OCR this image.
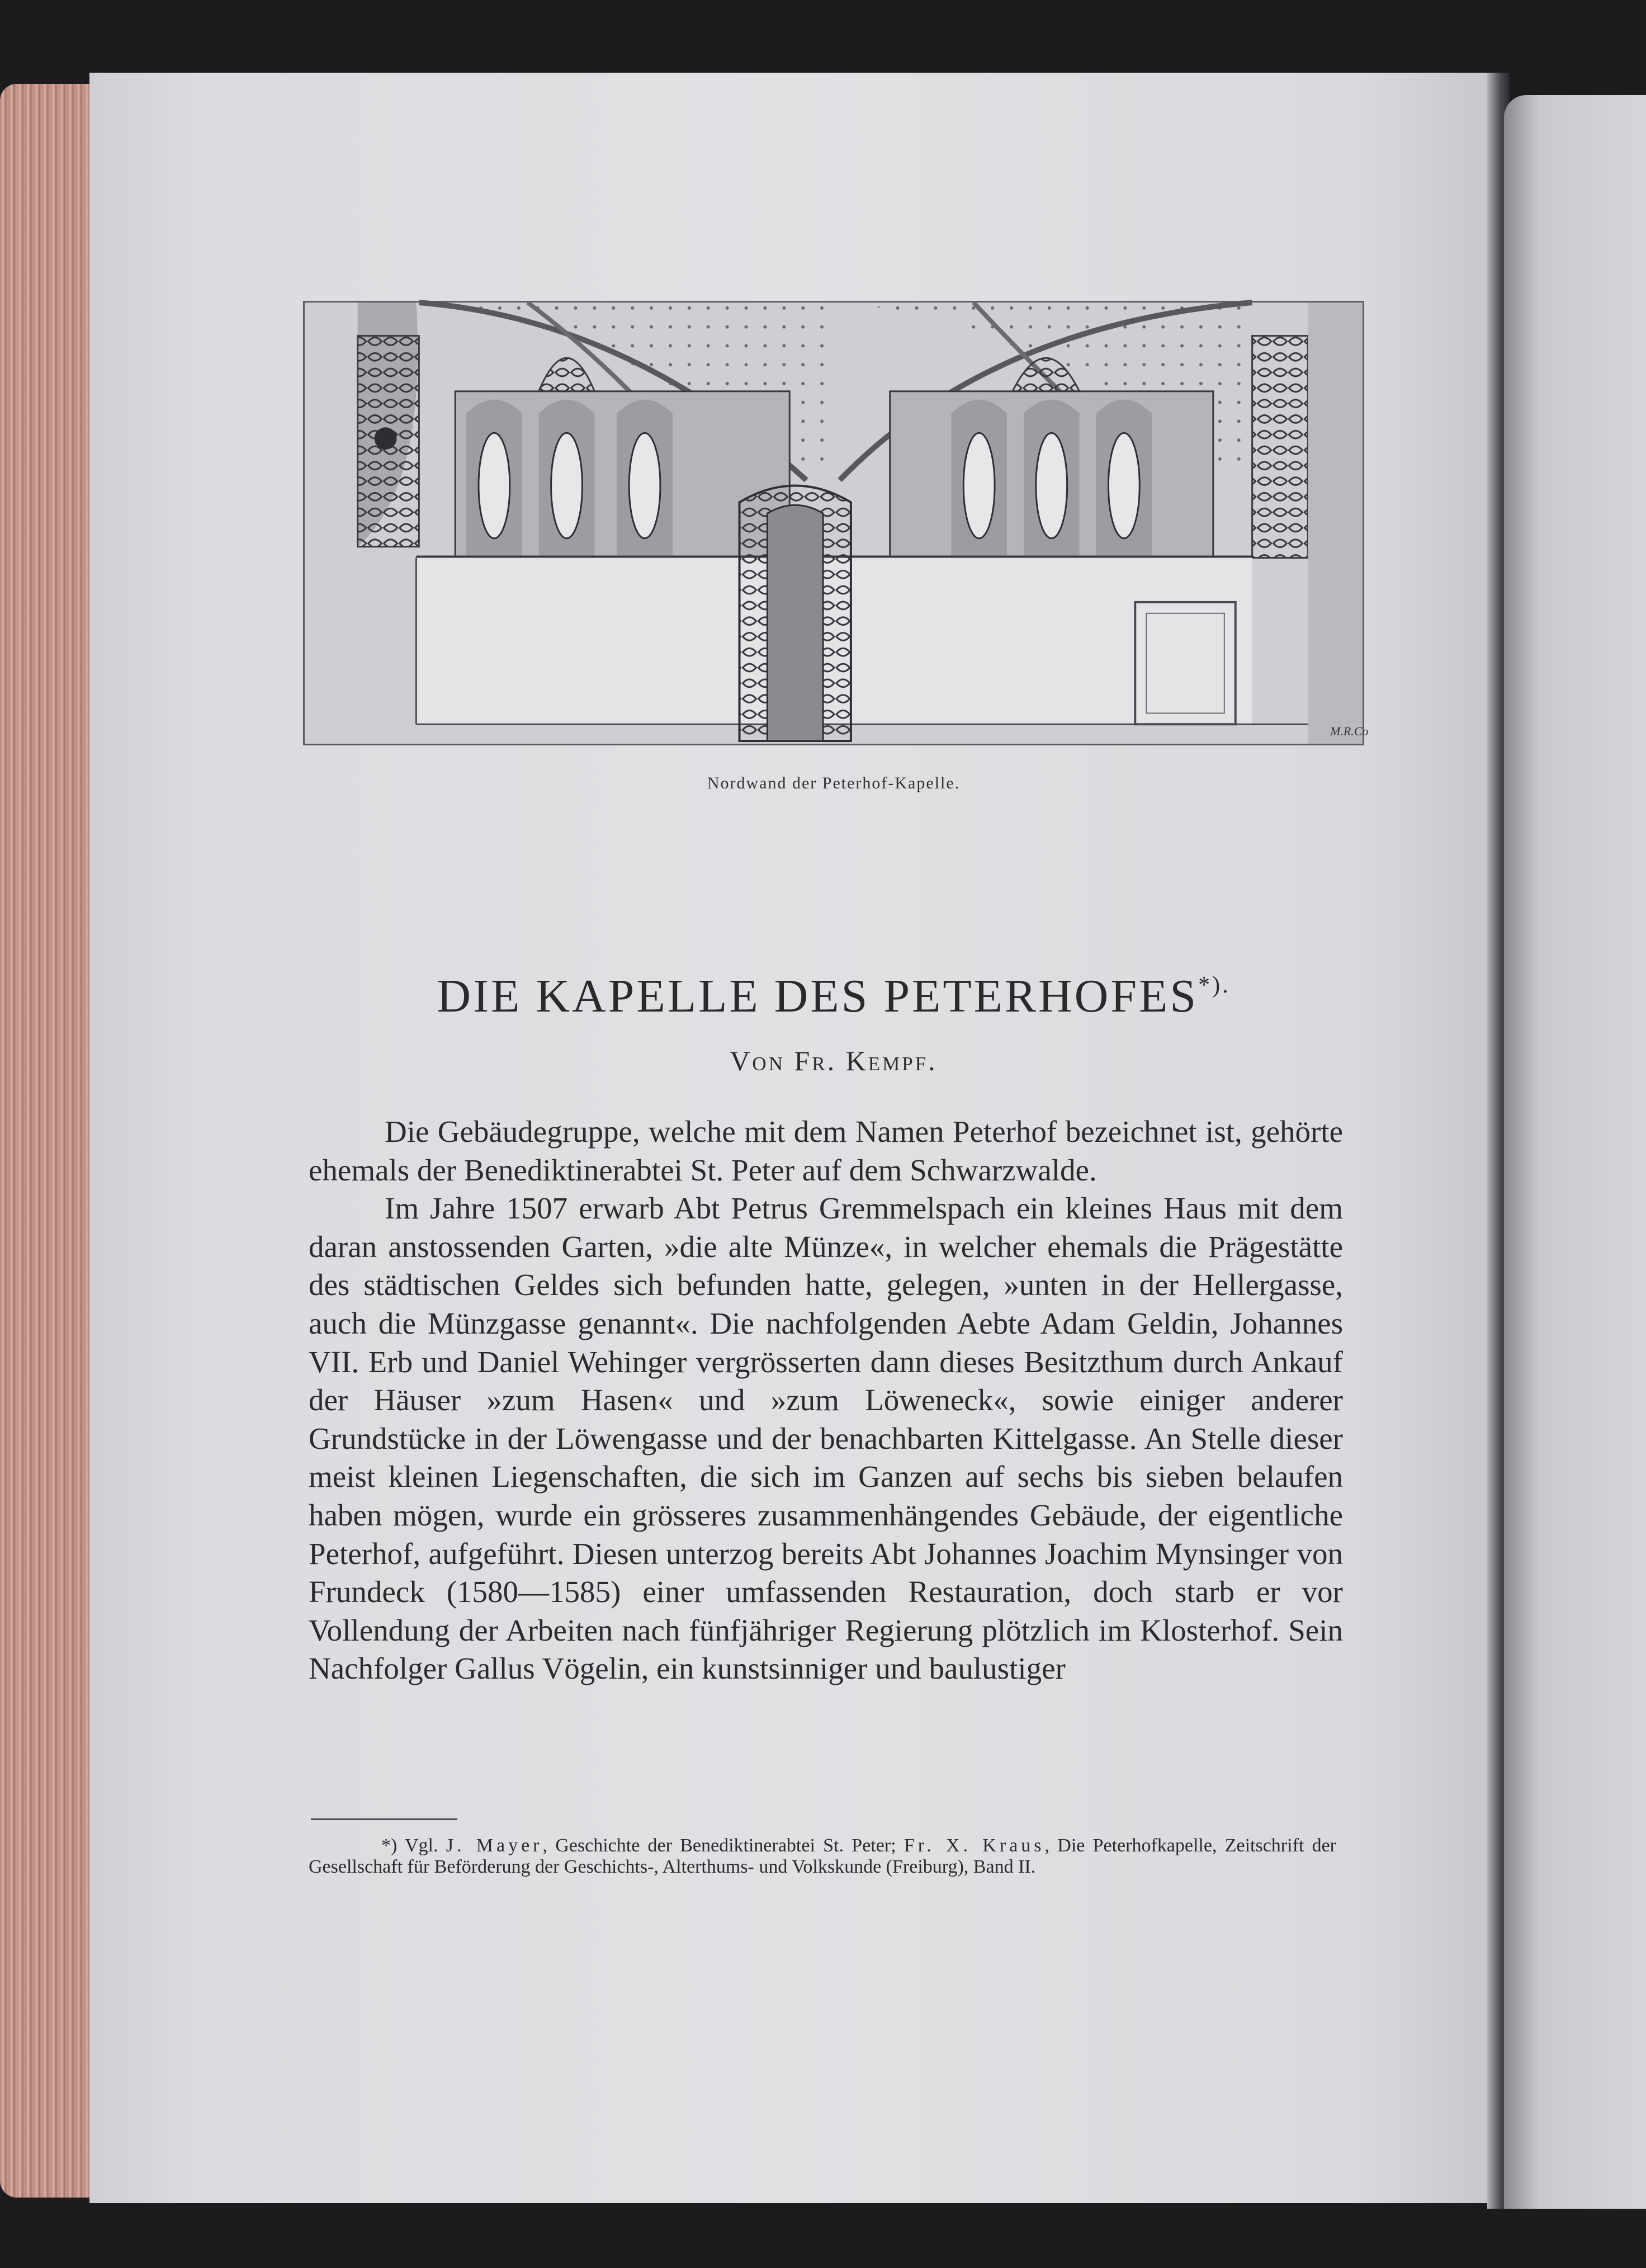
M.R.Co
Nordwand der Peterhof-Kapelle.
DIE KAPELLE DES PETERHOFES*).
Von Fr. Kempf.

Die Gebäudegruppe, welche mit dem Namen Peterhof bezeichnet ist, gehörte ehemals der Benediktinerabtei St. Peter auf dem Schwarzwalde.

Im Jahre 1507 erwarb Abt Petrus Gremmelspach ein kleines Haus mit dem daran anstossenden Garten, »die alte Münze«, in welcher ehemals die Prägestätte des städtischen Geldes sich befunden hatte, gelegen, »unten in der Hellergasse, auch die Münzgasse genannt«. Die nachfolgenden Aebte Adam Geldin, Johannes VII. Erb und Daniel Wehinger vergrösserten dann dieses Besitzthum durch Ankauf der Häuser »zum Hasen« und »zum Löweneck«, sowie einiger anderer Grundstücke in der Löwengasse und der benachbarten Kittelgasse. An Stelle dieser meist kleinen Liegenschaften, die sich im Ganzen auf sechs bis sieben belaufen haben mögen, wurde ein grösseres zusammenhängendes Gebäude, der eigentliche Peterhof, aufgeführt. Diesen unterzog bereits Abt Johannes Joachim Mynsinger von Frundeck (1580—1585) einer umfassenden Restauration, doch starb er vor Vollendung der Arbeiten nach fünfjähriger Regierung plötzlich im Klosterhof. Sein Nachfolger Gallus Vögelin, ein kunstsinniger und baulustiger

*) Vgl. J. Mayer, Geschichte der Benediktinerabtei St. Peter; Fr. X. Kraus, Die Peterhofkapelle, Zeitschrift der Gesellschaft für Beförderung der Geschichts-, Alterthums- und Volkskunde (Freiburg), Band II.
